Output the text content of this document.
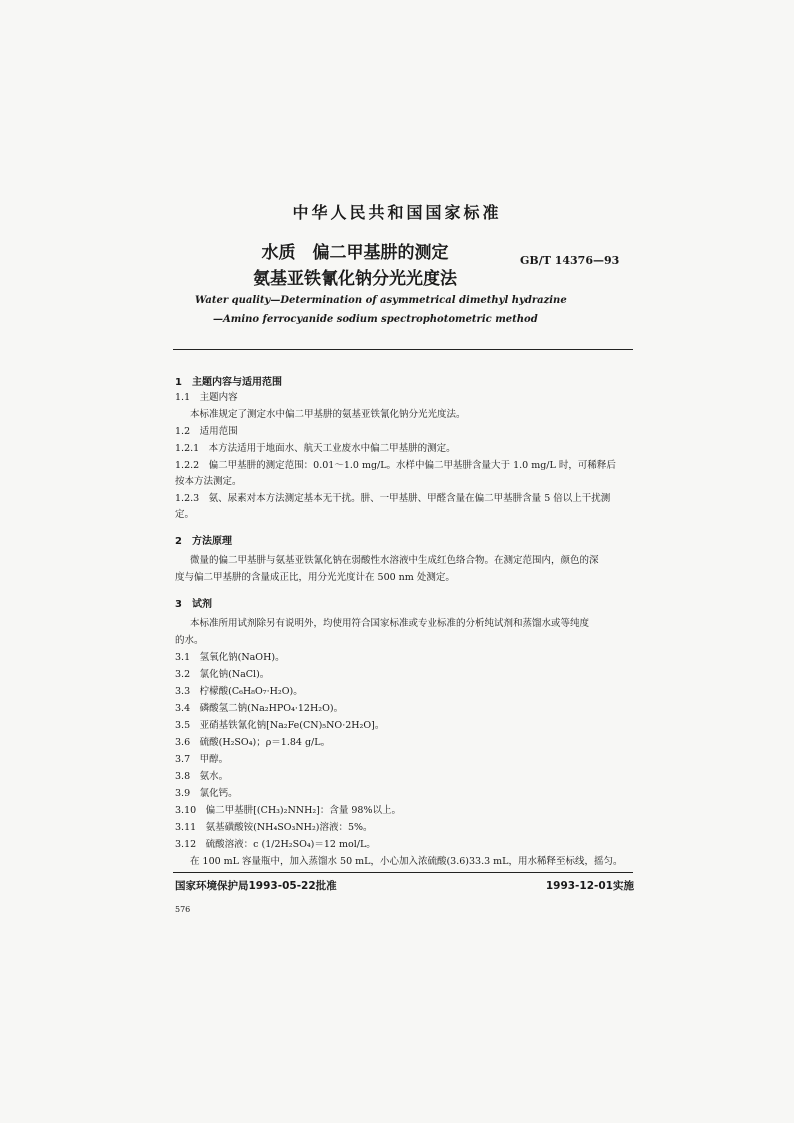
中华人民共和国国家标准
水质　偏二甲基肼的测定
氨基亚铁氰化钠分光光度法
GB/T 14376—93
Water quality—Determination of asymmetrical dimethyl hydrazine
—Amino ferrocyanide sodium spectrophotometric method
1　主题内容与适用范围
1.1　主题内容
本标准规定了测定水中偏二甲基肼的氨基亚铁氰化钠分光光度法。
1.2　适用范围
1.2.1　本方法适用于地面水、航天工业废水中偏二甲基肼的测定。
1.2.2　偏二甲基肼的测定范围：0.01～1.0 mg/L。水样中偏二甲基肼含量大于 1.0 mg/L 时，可稀释后
按本方法测定。
1.2.3　氨、尿素对本方法测定基本无干扰。肼、一甲基肼、甲醛含量在偏二甲基肼含量 5 倍以上干扰测
定。
2　方法原理
微量的偏二甲基肼与氨基亚铁氰化钠在弱酸性水溶液中生成红色络合物。在测定范围内，颜色的深
度与偏二甲基肼的含量成正比，用分光光度计在 500 nm 处测定。
3　试剂
本标准所用试剂除另有说明外，均使用符合国家标准或专业标准的分析纯试剂和蒸馏水或等纯度
的水。
3.1　氢氧化钠(NaOH)。
3.2　氯化钠(NaCl)。
3.3　柠檬酸(C₆H₈O₇·H₂O)。
3.4　磷酸氢二钠(Na₂HPO₄·12H₂O)。
3.5　亚硝基铁氰化钠[Na₂Fe(CN)₅NO·2H₂O]。
3.6　硫酸(H₂SO₄)；ρ＝1.84 g/L。
3.7　甲醇。
3.8　氨水。
3.9　氯化钙。
3.10　偏二甲基肼[(CH₃)₂NNH₂]：含量 98%以上。
3.11　氨基磺酸铵(NH₄SO₃NH₂)溶液：5%。
3.12　硫酸溶液：c (1/2H₂SO₄)＝12 mol/L。
在 100 mL 容量瓶中，加入蒸馏水 50 mL，小心加入浓硫酸(3.6)33.3 mL，用水稀释至标线，摇匀。
国家环境保护局1993-05-22批准	1993-12-01实施
576
